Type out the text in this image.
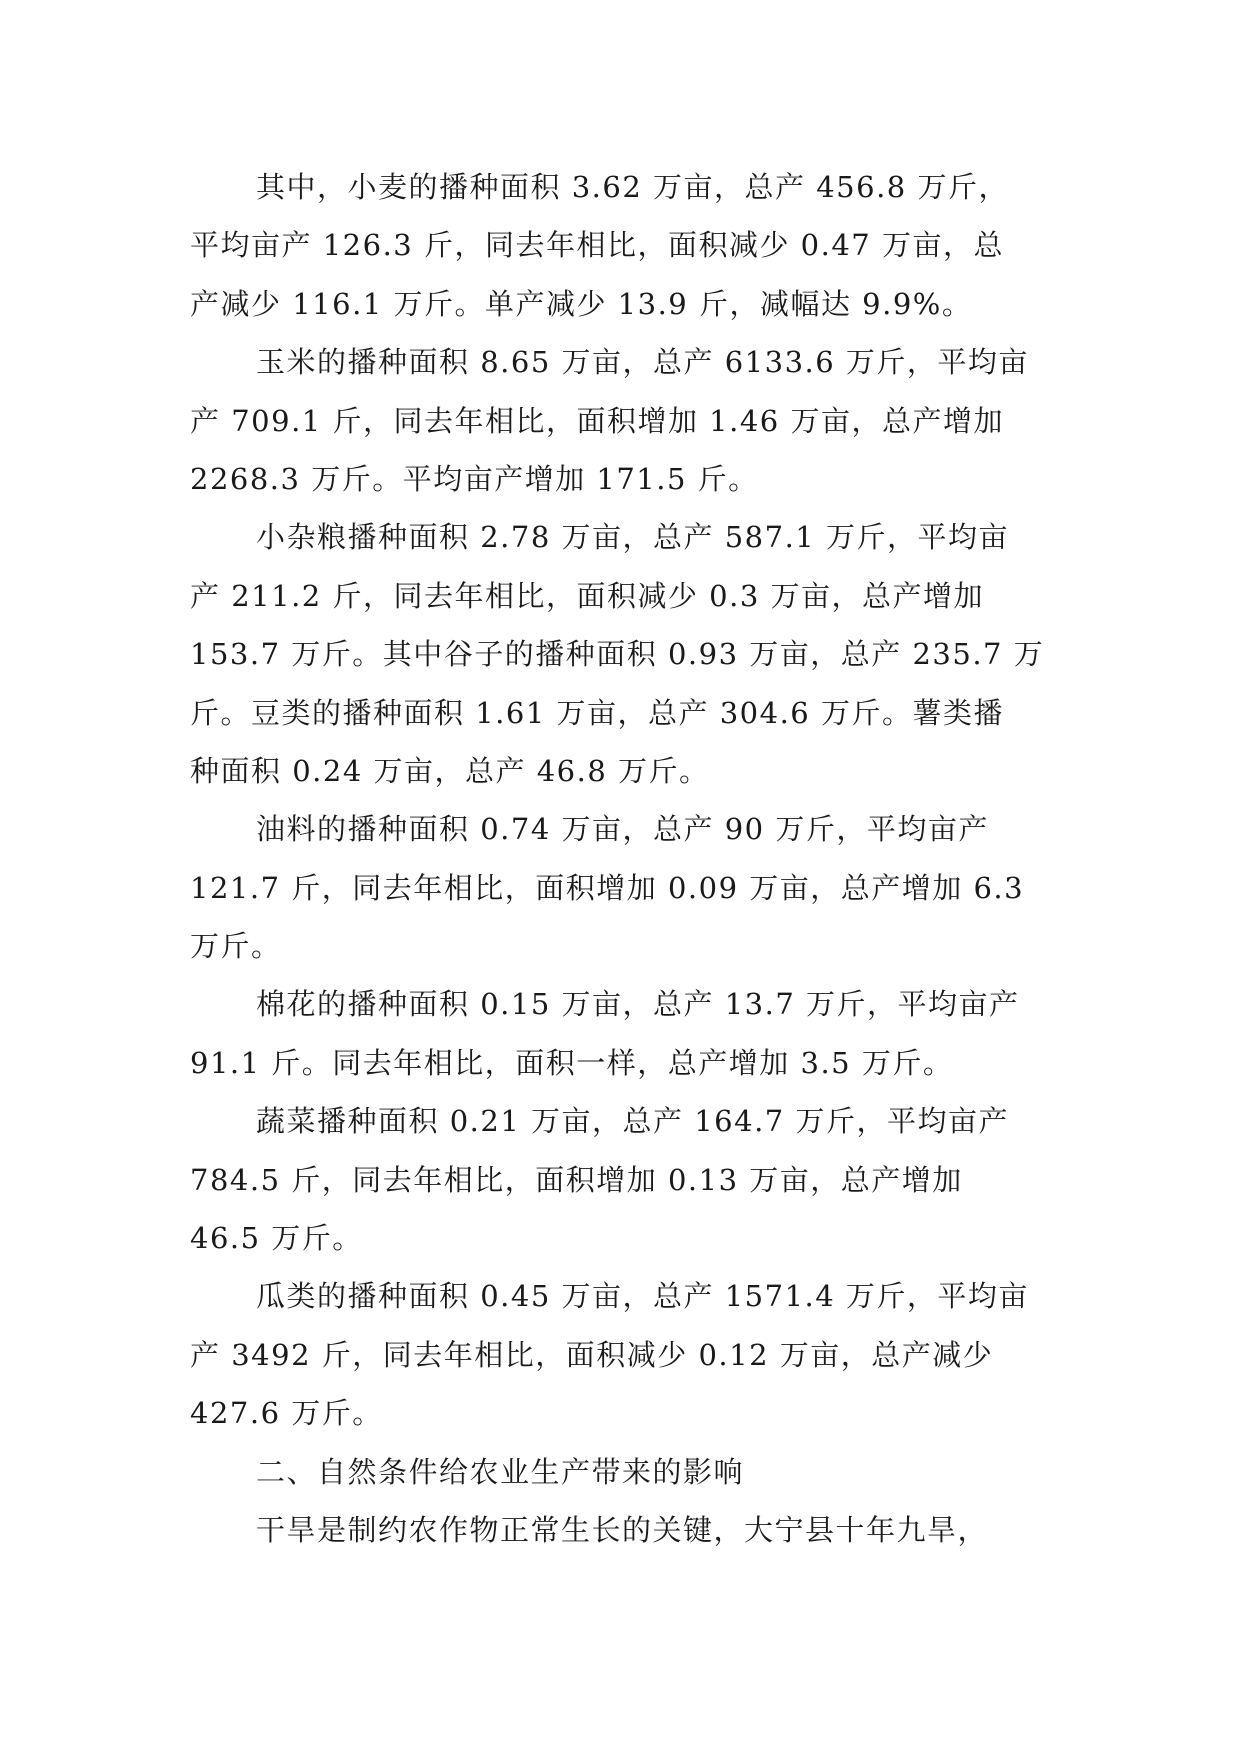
其中，小麦的播种面积 3.62 万亩，总产 456.8 万斤，
平均亩产 126.3 斤，同去年相比，面积减少 0.47 万亩，总
产减少 116.1 万斤。单产减少 13.9 斤，减幅达 9.9%。
玉米的播种面积 8.65 万亩，总产 6133.6 万斤，平均亩
产 709.1 斤，同去年相比，面积增加 1.46 万亩，总产增加
2268.3 万斤。平均亩产增加 171.5 斤。
小杂粮播种面积 2.78 万亩，总产 587.1 万斤，平均亩
产 211.2 斤，同去年相比，面积减少 0.3 万亩，总产增加
153.7 万斤。其中谷子的播种面积 0.93 万亩，总产 235.7 万
斤。豆类的播种面积 1.61 万亩，总产 304.6 万斤。薯类播
种面积 0.24 万亩，总产 46.8 万斤。
油料的播种面积 0.74 万亩，总产 90 万斤，平均亩产
121.7 斤，同去年相比，面积增加 0.09 万亩，总产增加 6.3
万斤。
棉花的播种面积 0.15 万亩，总产 13.7 万斤，平均亩产
91.1 斤。同去年相比，面积一样，总产增加 3.5 万斤。
蔬菜播种面积 0.21 万亩，总产 164.7 万斤，平均亩产
784.5 斤，同去年相比，面积增加 0.13 万亩，总产增加
46.5 万斤。
瓜类的播种面积 0.45 万亩，总产 1571.4 万斤，平均亩
产 3492 斤，同去年相比，面积减少 0.12 万亩，总产减少
427.6 万斤。
二、自然条件给农业生产带来的影响
干旱是制约农作物正常生长的关键，大宁县十年九旱，
